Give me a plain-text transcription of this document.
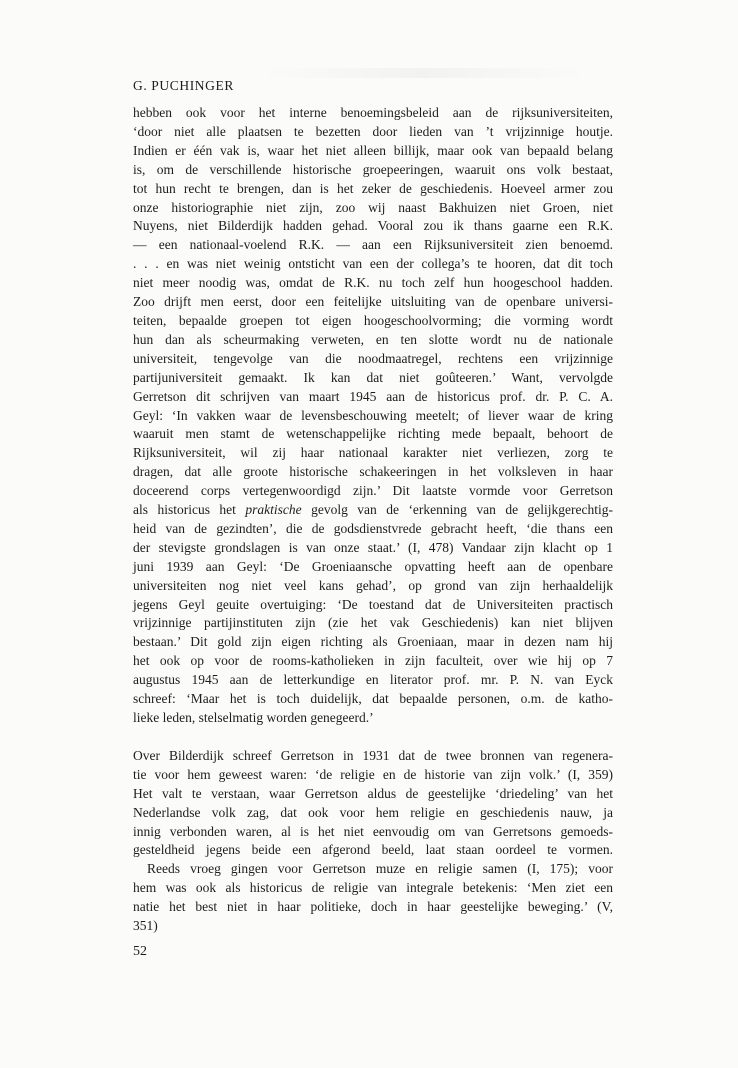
G. PUCHINGER

hebben ook voor het interne benoemingsbeleid aan de rijksuniversiteiten,

‘door niet alle plaatsen te bezetten door lieden van ’t vrijzinnige houtje.

Indien er één vak is, waar het niet alleen billijk, maar ook van bepaald belang

is, om de verschillende historische groepeeringen, waaruit ons volk bestaat,

tot hun recht te brengen, dan is het zeker de geschiedenis. Hoeveel armer zou

onze historiographie niet zijn, zoo wij naast Bakhuizen niet Groen, niet

Nuyens, niet Bilderdijk hadden gehad. Vooral zou ik thans gaarne een R.K.

— een nationaal-voelend R.K. — aan een Rijksuniversiteit zien benoemd.

. . . en was niet weinig ontsticht van een der collega’s te hooren, dat dit toch

niet meer noodig was, omdat de R.K. nu toch zelf hun hoogeschool hadden.

Zoo drijft men eerst, door een feitelijke uitsluiting van de openbare universi-

teiten, bepaalde groepen tot eigen hoogeschoolvorming; die vorming wordt

hun dan als scheurmaking verweten, en ten slotte wordt nu de nationale

universiteit, tengevolge van die noodmaatregel, rechtens een vrijzinnige

partijuniversiteit gemaakt. Ik kan dat niet goûteeren.’ Want, vervolgde

Gerretson dit schrijven van maart 1945 aan de historicus prof. dr. P. C. A.

Geyl: ‘In vakken waar de levensbeschouwing meetelt; of liever waar de kring

waaruit men stamt de wetenschappelijke richting mede bepaalt, behoort de

Rijksuniversiteit, wil zij haar nationaal karakter niet verliezen, zorg te

dragen, dat alle groote historische schakeeringen in het volksleven in haar

doceerend corps vertegenwoordigd zijn.’ Dit laatste vormde voor Gerretson

als historicus het praktische gevolg van de ‘erkenning van de gelijkgerechtig-

heid van de gezindten’, die de godsdienstvrede gebracht heeft, ‘die thans een

der stevigste grondslagen is van onze staat.’ (I, 478) Vandaar zijn klacht op 1

juni 1939 aan Geyl: ‘De Groeniaansche opvatting heeft aan de openbare

universiteiten nog niet veel kans gehad’, op grond van zijn herhaaldelijk

jegens Geyl geuite overtuiging: ‘De toestand dat de Universiteiten practisch

vrijzinnige partijinstituten zijn (zie het vak Geschiedenis) kan niet blijven

bestaan.’ Dit gold zijn eigen richting als Groeniaan, maar in dezen nam hij

het ook op voor de rooms-katholieken in zijn faculteit, over wie hij op 7

augustus 1945 aan de letterkundige en literator prof. mr. P. N. van Eyck

schreef: ‘Maar het is toch duidelijk, dat bepaalde personen, o.m. de katho-

lieke leden, stelselmatig worden genegeerd.’

Over Bilderdijk schreef Gerretson in 1931 dat de twee bronnen van regenera-

tie voor hem geweest waren: ‘de religie en de historie van zijn volk.’ (I, 359)

Het valt te verstaan, waar Gerretson aldus de geestelijke ‘driedeling’ van het

Nederlandse volk zag, dat ook voor hem religie en geschiedenis nauw, ja

innig verbonden waren, al is het niet eenvoudig om van Gerretsons gemoeds-

gesteldheid jegens beide een afgerond beeld, laat staan oordeel te vormen.

Reeds vroeg gingen voor Gerretson muze en religie samen (I, 175); voor

hem was ook als historicus de religie van integrale betekenis: ‘Men ziet een

natie het best niet in haar politieke, doch in haar geestelijke beweging.’ (V,

351)

52
